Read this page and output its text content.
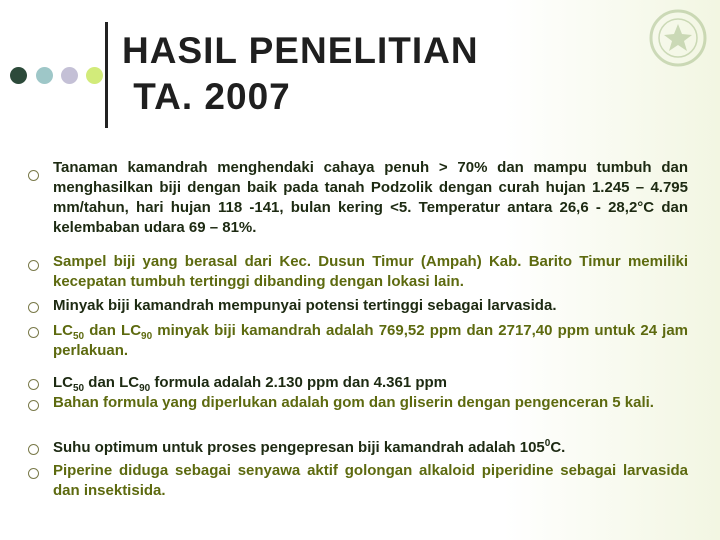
HASIL PENELITIAN
TA. 2007
Tanaman kamandrah menghendaki cahaya penuh > 70% dan mampu tumbuh dan menghasilkan biji dengan baik pada tanah Podzolik dengan curah hujan 1.245 – 4.795 mm/tahun, hari hujan 118 -141, bulan kering <5. Temperatur antara 26,6 - 28,2°C dan kelembaban udara 69 – 81%.
Sampel biji yang berasal dari Kec. Dusun Timur (Ampah) Kab. Barito Timur memiliki kecepatan tumbuh tertinggi dibanding dengan lokasi lain.
Minyak biji kamandrah mempunyai potensi tertinggi sebagai larvasida.
$LC_{50}$ dan $LC_{90}$ minyak biji kamandrah adalah 769,52 ppm dan 2717,40 ppm untuk 24 jam perlakuan.
$LC_{50}$ dan $LC_{90}$ formula adalah 2.130 ppm dan 4.361 ppm
Bahan formula yang diperlukan adalah gom dan gliserin dengan pengenceran 5 kali.
Suhu optimum untuk proses pengepresan biji kamandrah adalah $105^0C$.
Piperine diduga sebagai senyawa aktif golongan alkaloid piperidine sebagai larvasida dan insektisida.
